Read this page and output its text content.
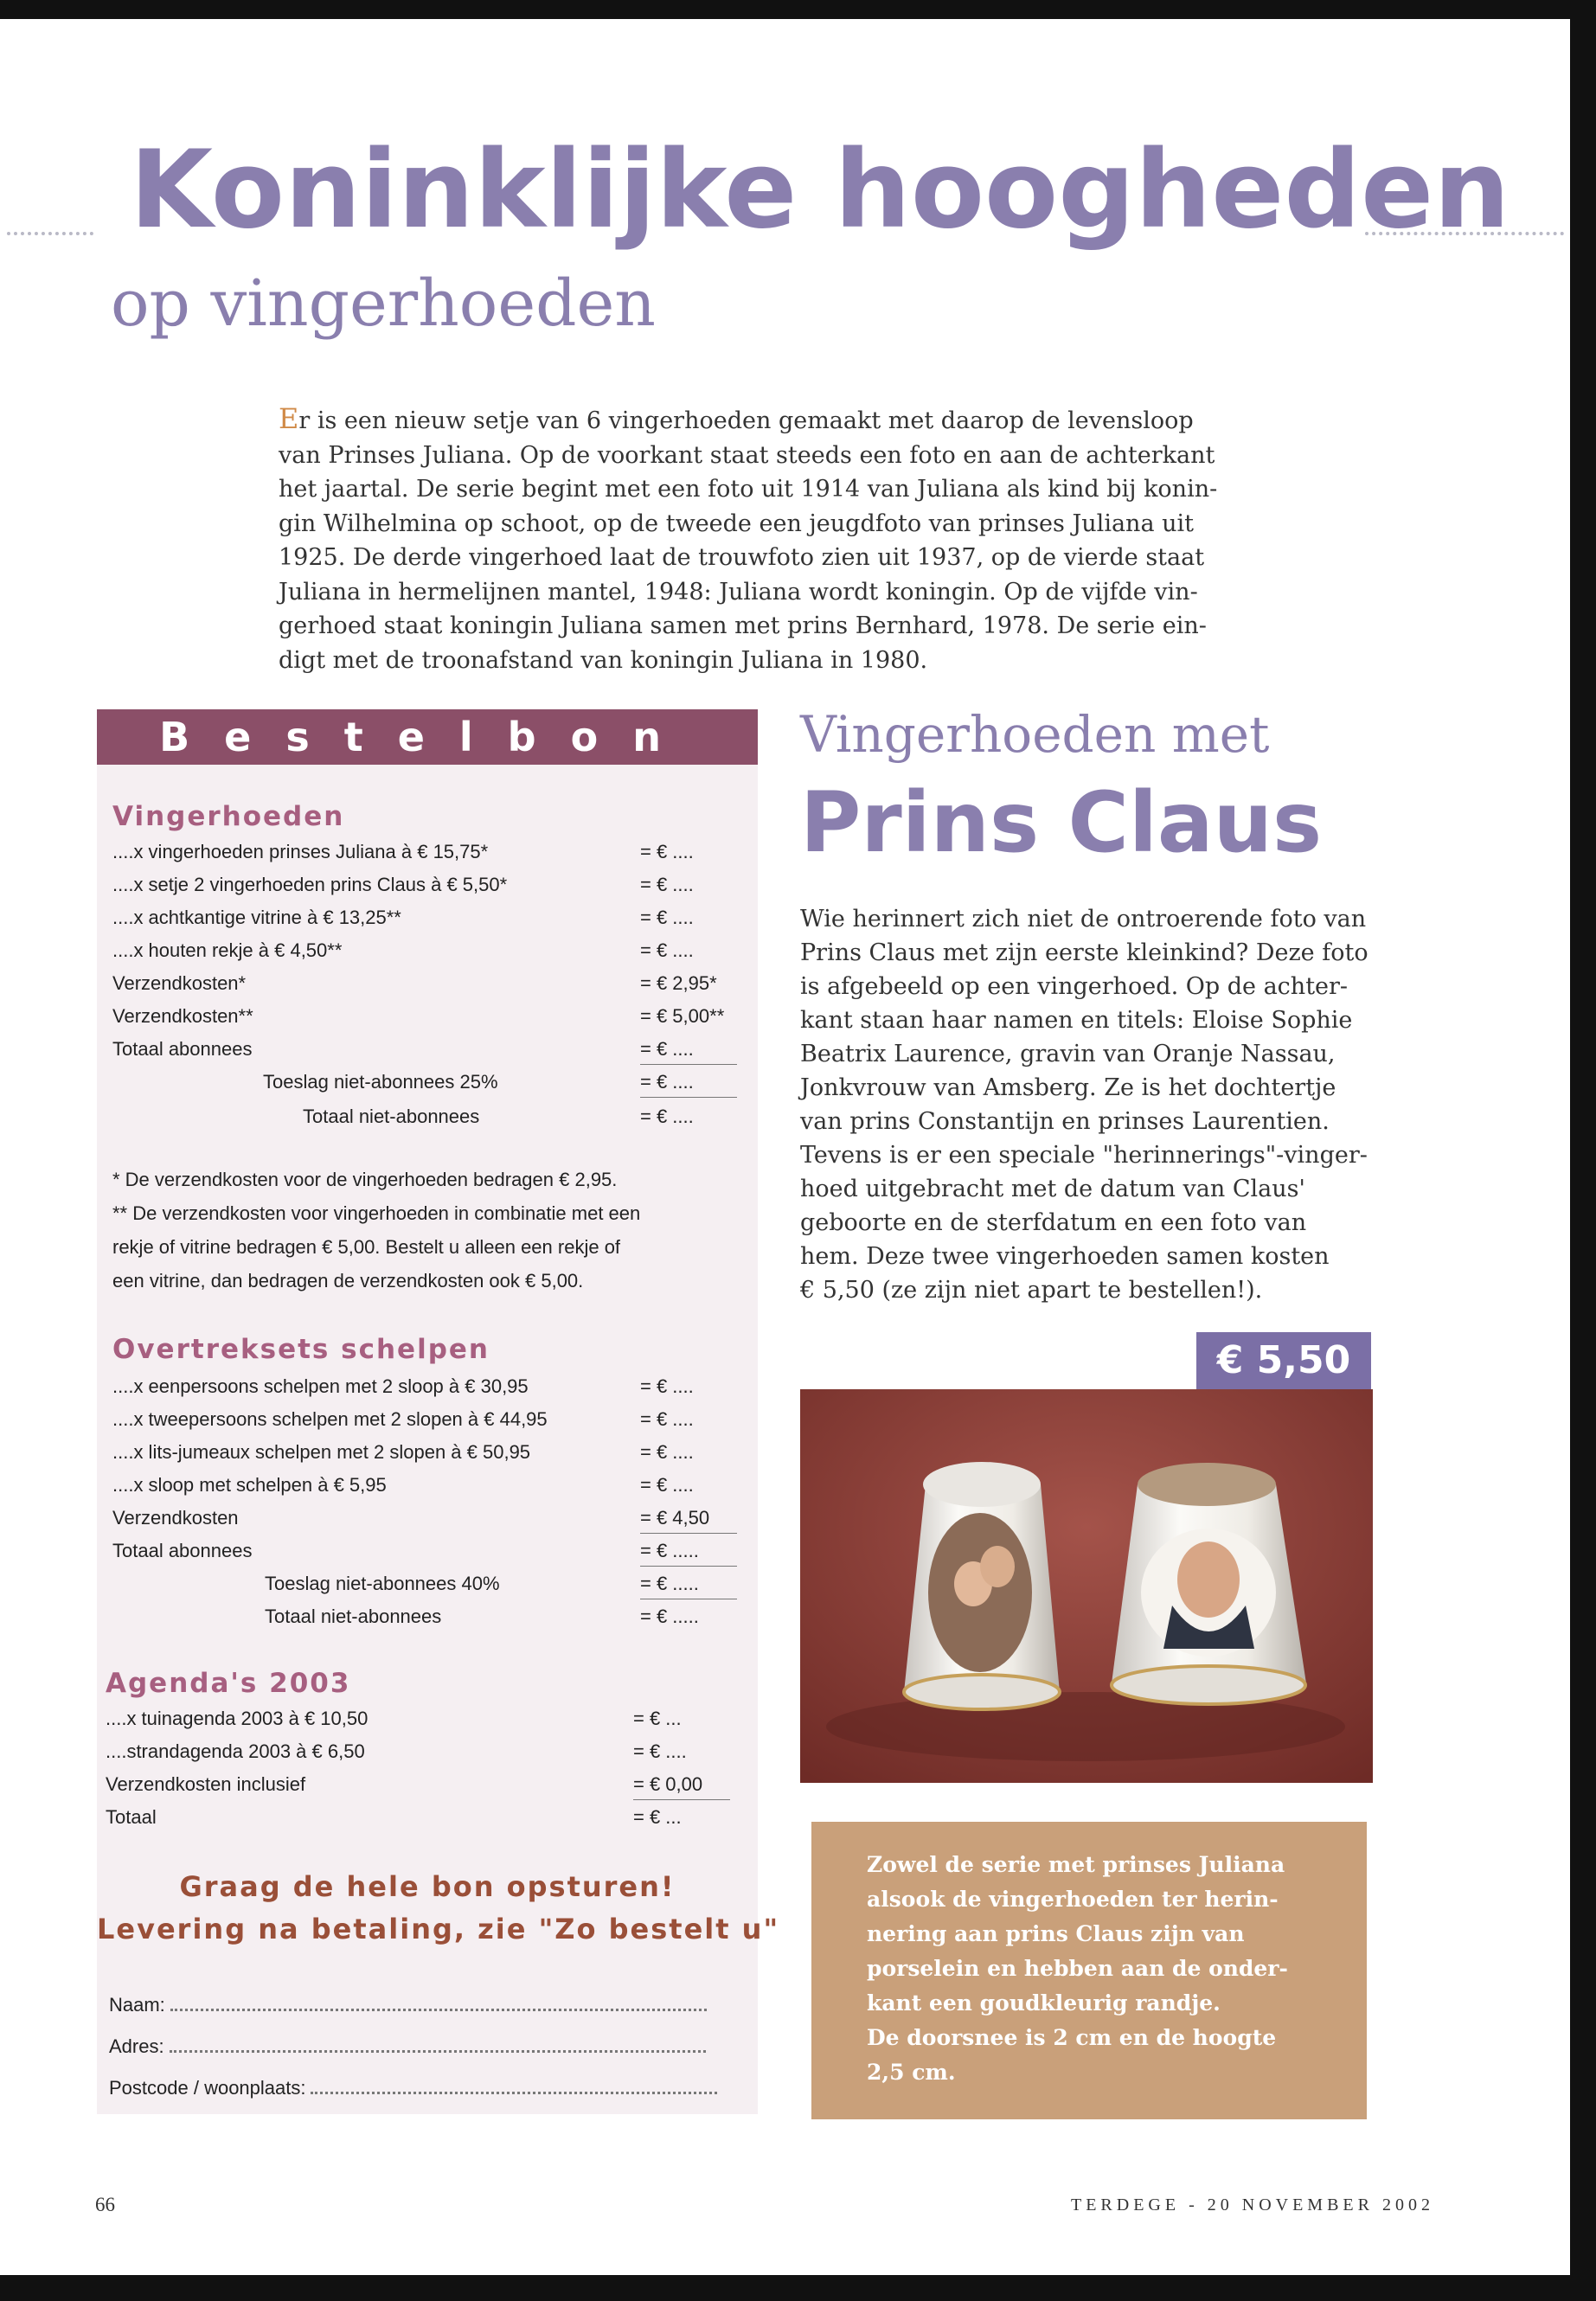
Koninklijke hoogheden
op vingerhoeden
Er is een nieuw setje van 6 vingerhoeden gemaakt met daarop de levensloop
van Prinses Juliana. Op de voorkant staat steeds een foto en aan de achterkant
het jaartal. De serie begint met een foto uit 1914 van Juliana als kind bij konin-
gin Wilhelmina op schoot, op de tweede een jeugdfoto van prinses Juliana uit
1925. De derde vingerhoed laat de trouwfoto zien uit 1937, op de vierde staat
Juliana in hermelijnen mantel, 1948: Juliana wordt koningin. Op de vijfde vin-
gerhoed staat koningin Juliana samen met prins Bernhard, 1978. De serie ein-
digt met de troonafstand van koningin Juliana in 1980.
Bestelbon
Vingerhoeden
....x vingerhoeden prinses Juliana à € 15,75*	= € ....
....x setje 2 vingerhoeden prins Claus à € 5,50*	= € ....
....x achtkantige vitrine à € 13,25**	= € ....
....x houten rekje à € 4,50**	= € ....
Verzendkosten*	= € 2,95*
Verzendkosten**	= € 5,00**
Totaal abonnees	= € ....
Toeslag niet-abonnees 25%	= € ....
Totaal niet-abonnees	= € ....
* De verzendkosten voor de vingerhoeden bedragen € 2,95.
** De verzendkosten voor vingerhoeden in combinatie met een
rekje of vitrine bedragen € 5,00. Bestelt u alleen een rekje of
een vitrine, dan bedragen de verzendkosten ook € 5,00.
Overtreksets schelpen
....x eenpersoons schelpen met 2 sloop à € 30,95	= € ....
....x tweepersoons schelpen met 2 slopen à € 44,95	= € ....
....x lits-jumeaux schelpen met 2 slopen à € 50,95	= € ....
....x sloop met schelpen à € 5,95	= € ....
Verzendkosten	= € 4,50
Totaal abonnees	= € .....
Toeslag niet-abonnees 40%	= € .....
Totaal niet-abonnees	= € .....
Agenda's 2003
....x tuinagenda 2003 à € 10,50	= € ...
....strandagenda 2003 à € 6,50	= € ....
Verzendkosten inclusief	= € 0,00
Totaal	= € ...
Naam:
Adres:
Postcode / woonplaats:
Graag de hele bon opsturen!
Levering na betaling, zie "Zo bestelt u"
Vingerhoeden met
Prins Claus
Wie herinnert zich niet de ontroerende foto van
Prins Claus met zijn eerste kleinkind? Deze foto
is afgebeeld op een vingerhoed. Op de achter-
kant staan haar namen en titels: Eloise Sophie
Beatrix Laurence, gravin van Oranje Nassau,
Jonkvrouw van Amsberg. Ze is het dochtertje
van prins Constantijn en prinses Laurentien.
Tevens is er een speciale "herinnerings"-vinger-
hoed uitgebracht met de datum van Claus'
geboorte en de sterfdatum en een foto van
hem. Deze twee vingerhoeden samen kosten
€ 5,50 (ze zijn niet apart te bestellen!).
€ 5,50

Zowel de serie met prinses Juliana
alsook de vingerhoeden ter herin-
nering aan prins Claus zijn van
porselein en hebben aan de onder-
kant een goudkleurig randje.
De doorsnee is 2 cm en de hoogte
2,5 cm.

66	TERDEGE - 20 NOVEMBER 2002
